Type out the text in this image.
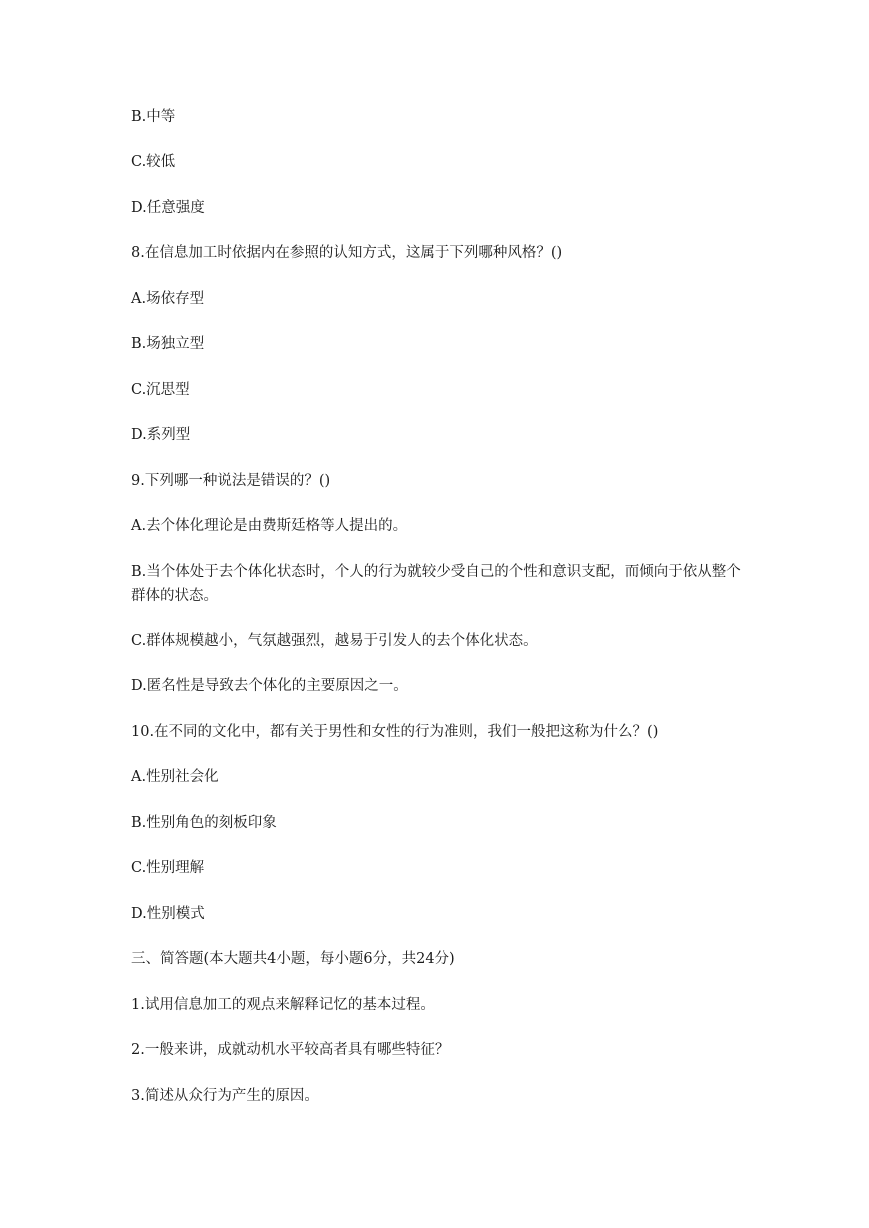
B.中等
C.较低
D.任意强度
8.在信息加工时依据内在参照的认知方式，这属于下列哪种风格？()
A.场依存型
B.场独立型
C.沉思型
D.系列型
9.下列哪一种说法是错误的？()
A.去个体化理论是由费斯廷格等人提出的。
B.当个体处于去个体化状态时，个人的行为就较少受自己的个性和意识支配，而倾向于依从整个群体的状态。
C.群体规模越小，气氛越强烈，越易于引发人的去个体化状态。
D.匿名性是导致去个体化的主要原因之一。
10.在不同的文化中，都有关于男性和女性的行为准则，我们一般把这称为什么？()
A.性别社会化
B.性别角色的刻板印象
C.性别理解
D.性别模式
三、简答题(本大题共4小题，每小题6分，共24分)
1.试用信息加工的观点来解释记忆的基本过程。
2.一般来讲，成就动机水平较高者具有哪些特征？
3.简述从众行为产生的原因。
